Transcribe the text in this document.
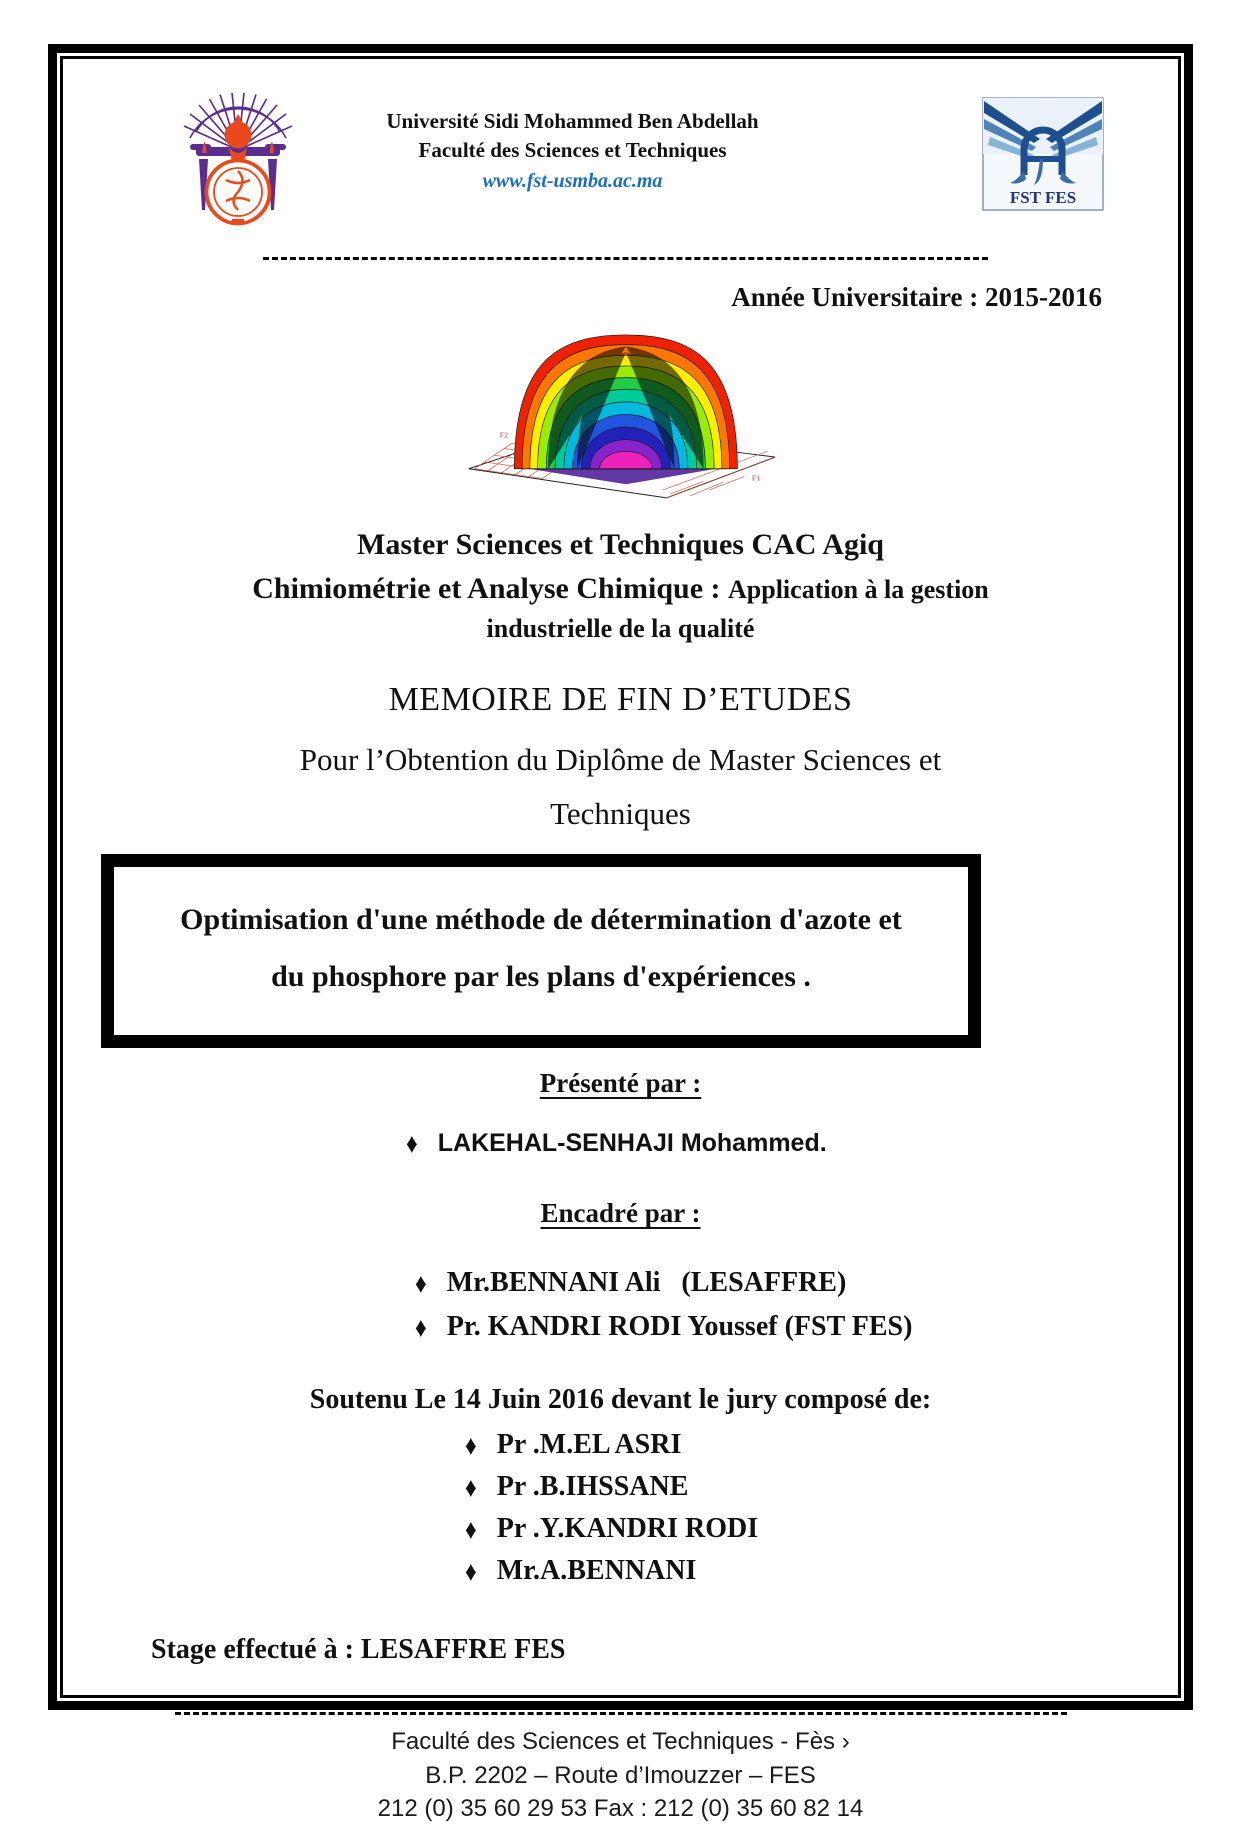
Université Sidi Mohammed Ben Abdellah
Faculté des Sciences et Techniques
www.fst-usmba.ac.ma
FST FES
Année Universitaire : 2015-2016
F2
F1
Master Sciences et Techniques CAC Agiq
Chimiométrie et Analyse Chimique : Application à la gestion
industrielle de la qualité
MEMOIRE DE FIN D’ETUDES
Pour l’Obtention du Diplôme de Master Sciences et
Techniques
Optimisation d'une méthode de détermination d'azote et
du phosphore par les plans d'expériences .
Présenté par :
♦ LAKEHAL-SENHAJI Mohammed.
Encadré par :
♦ Mr.BENNANI Ali   (LESAFFRE)
♦ Pr. KANDRI RODI Youssef (FST FES)
Soutenu Le 14 Juin 2016 devant le jury composé de:
♦ Pr .M.EL ASRI
♦ Pr .B.IHSSANE
♦ Pr .Y.KANDRI RODI
♦ Mr.A.BENNANI
Stage effectué à : LESAFFRE FES
Faculté des Sciences et Techniques - Fès ›
B.P. 2202 – Route d’Imouzzer – FES
212 (0) 35 60 29 53 Fax : 212 (0) 35 60 82 14
